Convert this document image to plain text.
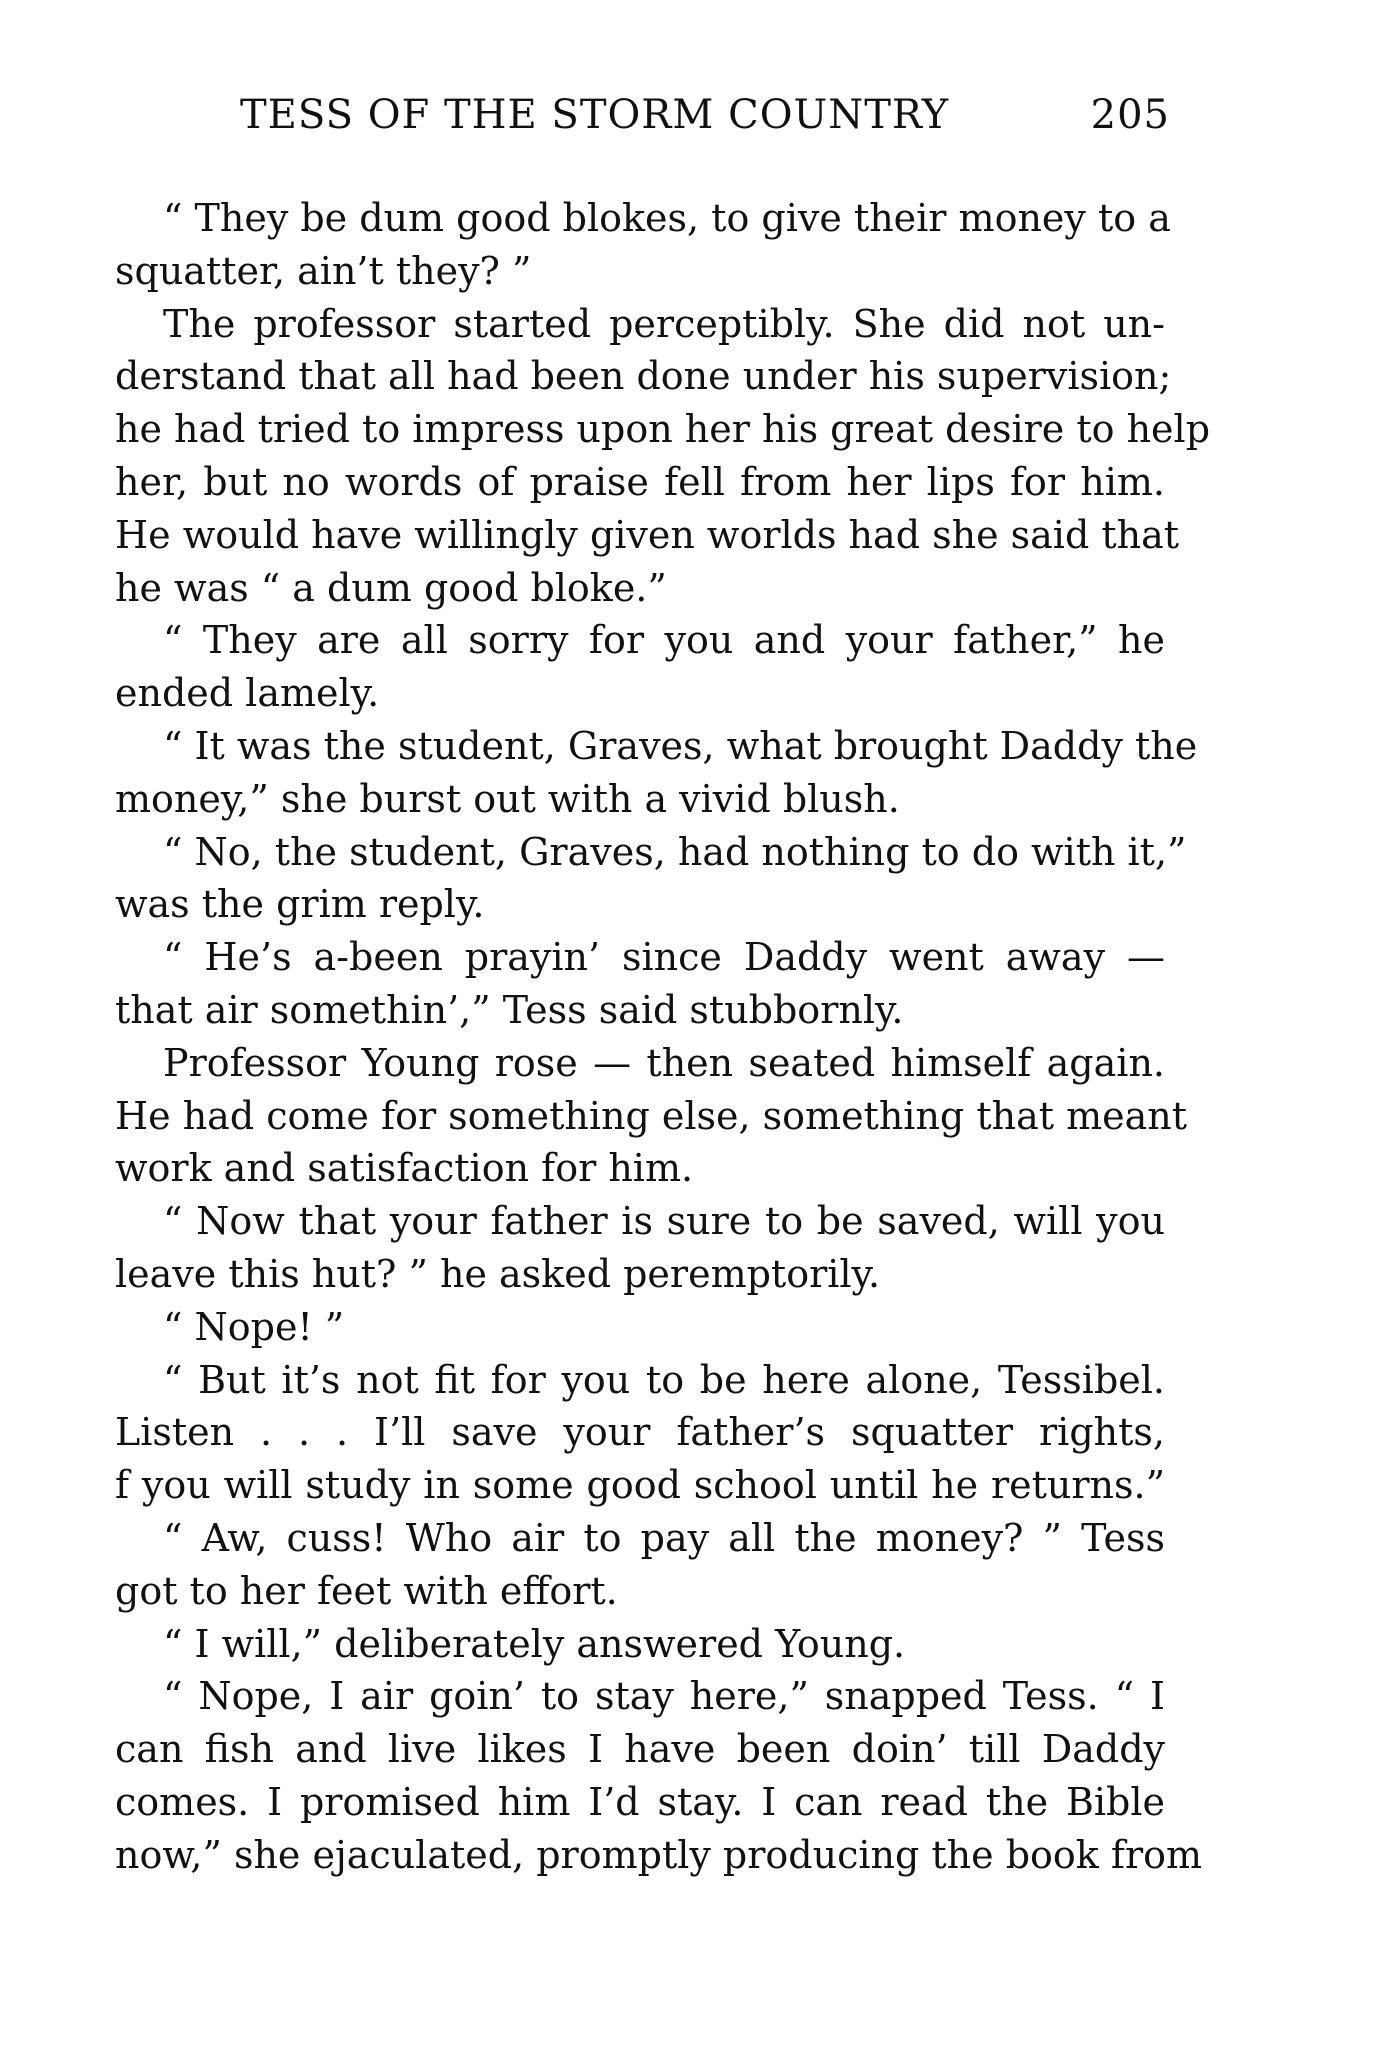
TESS OF THE STORM COUNTRY	205
“ They be dum good blokes, to give their money to a
squatter, ain’t they? ”
The professor started perceptibly. She did not un-
derstand that all had been done under his supervision;
he had tried to impress upon her his great desire to help
her, but no words of praise fell from her lips for him.
He would have willingly given worlds had she said that
he was “ a dum good bloke.”
“ They are all sorry for you and your father,” he
ended lamely.
“ It was the student, Graves, what brought Daddy the
money,” she burst out with a vivid blush.
“ No, the student, Graves, had nothing to do with it,”
was the grim reply.
“ He’s a-been prayin’ since Daddy went away —
that air somethin’,” Tess said stubbornly.
Professor Young rose — then seated himself again.
He had come for something else, something that meant
work and satisfaction for him.
“ Now that your father is sure to be saved, will you
leave this hut? ” he asked peremptorily.
“ Nope! ”
“ But it’s not fit for you to be here alone, Tessibel.
Listen . . . I’ll save your father’s squatter rights,
f you will study in some good school until he returns.”
“ Aw, cuss! Who air to pay all the money? ” Tess
got to her feet with effort.
“ I will,” deliberately answered Young.
“ Nope, I air goin’ to stay here,” snapped Tess. “ I
can fish and live likes I have been doin’ till Daddy
comes. I promised him I’d stay. I can read the Bible
now,” she ejaculated, promptly producing the book from
